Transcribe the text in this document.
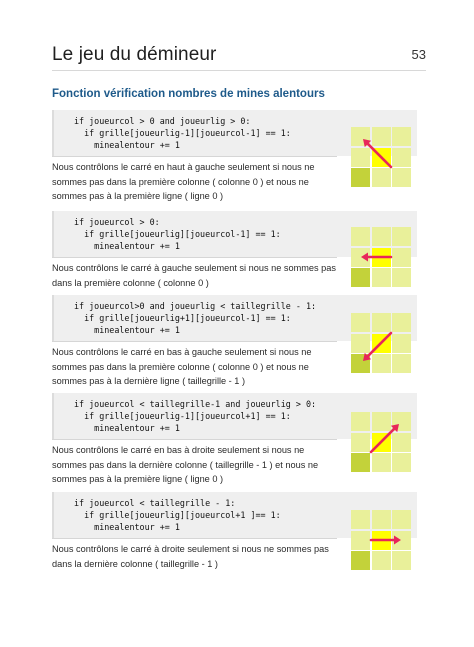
Le jeu du démineur	53
Fonction vérification nombres de mines alentours
if joueurcol > 0 and joueurlig > 0:
if grille[joueurlig-1][joueurcol-1] == 1:
minealentour += 1
Nous contrôlons le carré en haut à gauche seulement si nous ne sommes pas dans la première colonne ( colonne 0 ) et nous ne sommes pas à la première ligne ( ligne 0 )
if joueurcol > 0:
if grille[joueurlig][joueurcol-1] == 1:
minealentour += 1
Nous contrôlons le carré à gauche seulement si nous ne sommes pas dans la première colonne ( colonne 0 )
if joueurcol>0 and joueurlig < taillegrille - 1:
if grille[joueurlig+1][joueurcol-1] == 1:
minealentour += 1
Nous contrôlons le carré en bas à gauche seulement si nous ne sommes pas dans la première colonne ( colonne 0 ) et nous ne sommes pas à la dernière ligne ( taillegrille - 1 )
if joueurcol < taillegrille-1 and joueurlig > 0:
if grille[joueurlig-1][joueurcol+1] == 1:
minealentour += 1
Nous contrôlons le carré en bas à droite seulement si nous ne sommes pas dans la dernière colonne ( taillegrille - 1 ) et nous ne sommes pas à la première ligne ( ligne 0 )
if joueurcol < taillegrille - 1:
if grille[joueurlig][joueurcol+1 ]== 1:
minealentour += 1
Nous contrôlons le carré à droite seulement si nous ne sommes pas dans la dernière colonne ( taillegrille - 1 )
